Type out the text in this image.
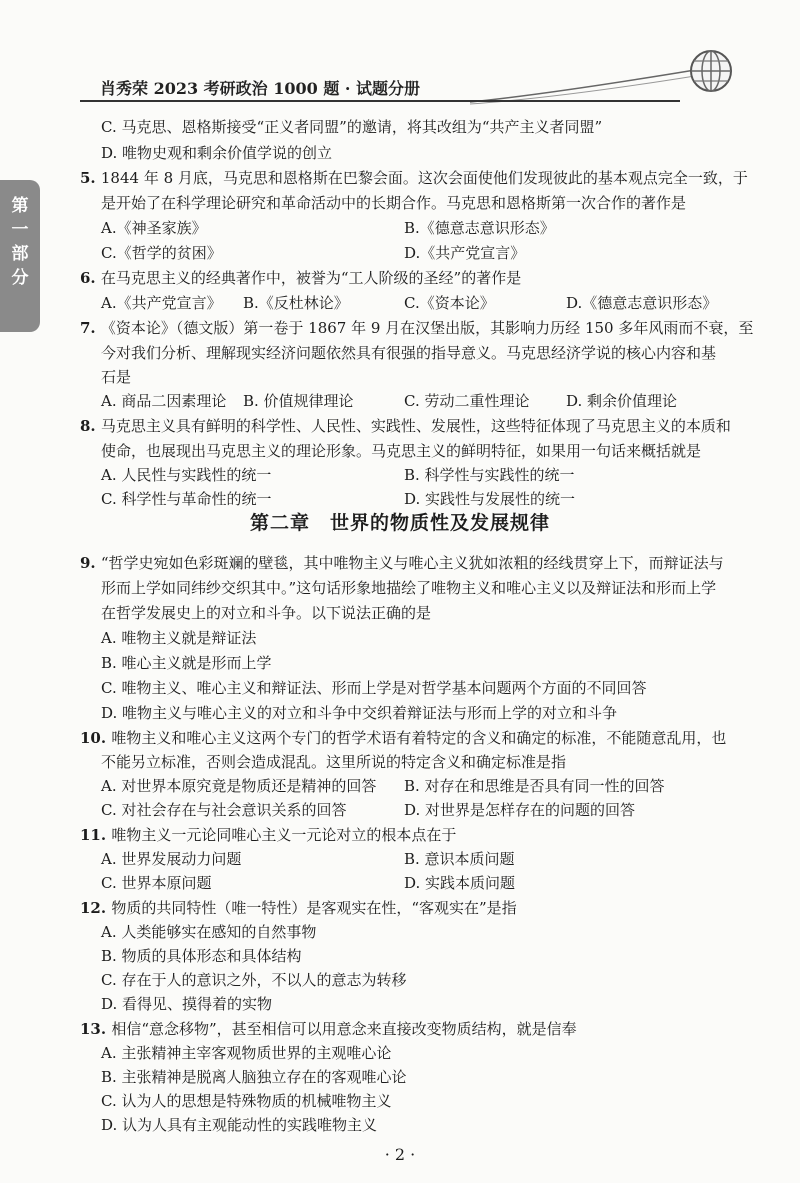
肖秀荣 2023 考研政治 1000 题 · 试题分册
第一部分
C. 马克思、恩格斯接受“正义者同盟”的邀请，将其改组为“共产主义者同盟”
D. 唯物史观和剩余价值学说的创立
5. 1844 年 8 月底，马克思和恩格斯在巴黎会面。这次会面使他们发现彼此的基本观点完全一致，于
是开始了在科学理论研究和革命活动中的长期合作。马克思和恩格斯第一次合作的著作是
A.《神圣家族》	B.《德意志意识形态》
C.《哲学的贫困》	D.《共产党宣言》
6. 在马克思主义的经典著作中，被誉为“工人阶级的圣经”的著作是
A.《共产党宣言》 B.《反杜林论》	C.《资本论》	D.《德意志意识形态》
7. 《资本论》（德文版）第一卷于 1867 年 9 月在汉堡出版，其影响力历经 150 多年风雨而不衰，至
今对我们分析、理解现实经济问题依然具有很强的指导意义。马克思经济学说的核心内容和基
石是
A. 商品二因素理论 B. 价值规律理论	C. 劳动二重性理论 D. 剩余价值理论
8. 马克思主义具有鲜明的科学性、人民性、实践性、发展性，这些特征体现了马克思主义的本质和
使命，也展现出马克思主义的理论形象。马克思主义的鲜明特征，如果用一句话来概括就是
A. 人民性与实践性的统一	B. 科学性与实践性的统一
C. 科学性与革命性的统一	D. 实践性与发展性的统一
9. “哲学史宛如色彩斑斓的壁毯，其中唯物主义与唯心主义犹如浓粗的经线贯穿上下，而辩证法与
形而上学如同纬纱交织其中。”这句话形象地描绘了唯物主义和唯心主义以及辩证法和形而上学
在哲学发展史上的对立和斗争。以下说法正确的是
A. 唯物主义就是辩证法
B. 唯心主义就是形而上学
C. 唯物主义、唯心主义和辩证法、形而上学是对哲学基本问题两个方面的不同回答
D. 唯物主义与唯心主义的对立和斗争中交织着辩证法与形而上学的对立和斗争
10. 唯物主义和唯心主义这两个专门的哲学术语有着特定的含义和确定的标准，不能随意乱用，也
不能另立标准，否则会造成混乱。这里所说的特定含义和确定标准是指
A. 对世界本原究竟是物质还是精神的回答 B. 对存在和思维是否具有同一性的回答
C. 对社会存在与社会意识关系的回答	D. 对世界是怎样存在的问题的回答
11. 唯物主义一元论同唯心主义一元论对立的根本点在于
A. 世界发展动力问题	B. 意识本质问题
C. 世界本原问题	D. 实践本质问题
12. 物质的共同特性（唯一特性）是客观实在性，“客观实在”是指
A. 人类能够实在感知的自然事物
B. 物质的具体形态和具体结构
C. 存在于人的意识之外，不以人的意志为转移
D. 看得见、摸得着的实物
13. 相信“意念移物”，甚至相信可以用意念来直接改变物质结构，就是信奉
A. 主张精神主宰客观物质世界的主观唯心论
B. 主张精神是脱离人脑独立存在的客观唯心论
C. 认为人的思想是特殊物质的机械唯物主义
D. 认为人具有主观能动性的实践唯物主义
第二章　世界的物质性及发展规律
· 2 ·
